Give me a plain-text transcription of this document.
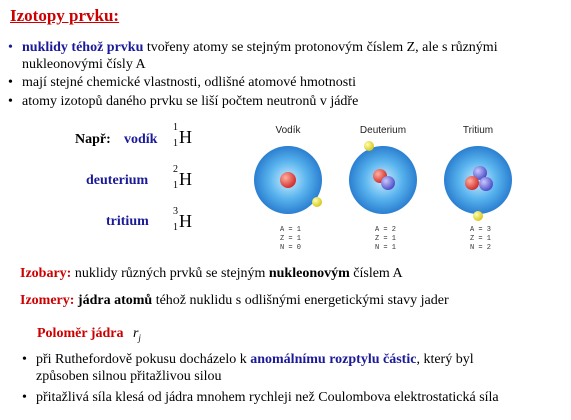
Izotopy prvku:
• nuklidy téhož prvku tvořeny atomy se stejným protonovým číslem Z, ale s různými
nukleonovými čísly A
• mají stejné chemické vlastnosti, odlišné atomové hmotnosti
• atomy izotopů daného prvku se liší počtem neutronů v jádře
Např: vodík
1
1 H
deuterium
2
1 H
tritium
3
1 H
Vodík	Deuterium	Tritium
A = 1
Z = 1
N = 0
A = 2
Z = 1
N = 1
A = 3
Z = 1
N = 2
Izobary: nuklidy různých prvků se stejným nukleonovým číslem A
Izomery: jádra atomů téhož nuklidu s odlišnými energetickými stavy jader
Poloměr jádra $r_j$
• při Ruthefordově pokusu docházelo k anomálnímu rozptylu částic, který byl
způsoben silnou přitažlivou silou
• přitažlivá síla klesá od jádra mnohem rychleji než Coulombova elektrostatická síla
